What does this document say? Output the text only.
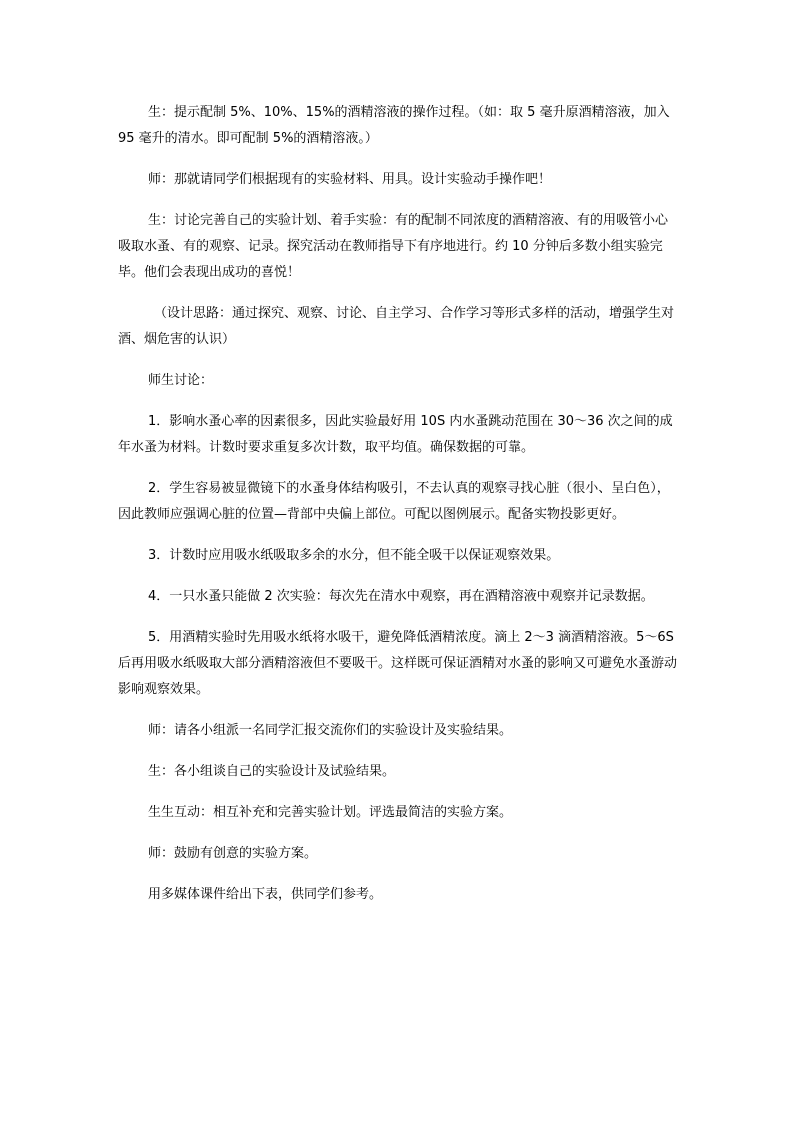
生：提示配制 5%、10%、15%的酒精溶液的操作过程。（如：取 5 毫升原酒精溶液，加入 95 毫升的清水。即可配制 5%的酒精溶液。）

师：那就请同学们根据现有的实验材料、用具。设计实验动手操作吧！

生：讨论完善自己的实验计划、着手实验：有的配制不同浓度的酒精溶液、有的用吸管小心吸取水蚤、有的观察、记录。探究活动在教师指导下有序地进行。约 10 分钟后多数小组实验完毕。他们会表现出成功的喜悦！

（设计思路：通过探究、观察、讨论、自主学习、合作学习等形式多样的活动，增强学生对酒、烟危害的认识）

师生讨论：

1．影响水蚤心率的因素很多，因此实验最好用 10S 内水蚤跳动范围在 30～36 次之间的成年水蚤为材料。计数时要求重复多次计数，取平均值。确保数据的可靠。

2．学生容易被显微镜下的水蚤身体结构吸引，不去认真的观察寻找心脏（很小、呈白色），因此教师应强调心脏的位置—背部中央偏上部位。可配以图例展示。配备实物投影更好。

3．计数时应用吸水纸吸取多余的水分，但不能全吸干以保证观察效果。

4．一只水蚤只能做 2 次实验：每次先在清水中观察，再在酒精溶液中观察并记录数据。

5．用酒精实验时先用吸水纸将水吸干，避免降低酒精浓度。滴上 2～3 滴酒精溶液。5～6S 后再用吸水纸吸取大部分酒精溶液但不要吸干。这样既可保证酒精对水蚤的影响又可避免水蚤游动影响观察效果。

师：请各小组派一名同学汇报交流你们的实验设计及实验结果。

生：各小组谈自己的实验设计及试验结果。

生生互动：相互补充和完善实验计划。评选最简洁的实验方案。

师：鼓励有创意的实验方案。

用多媒体课件给出下表，供同学们参考。
